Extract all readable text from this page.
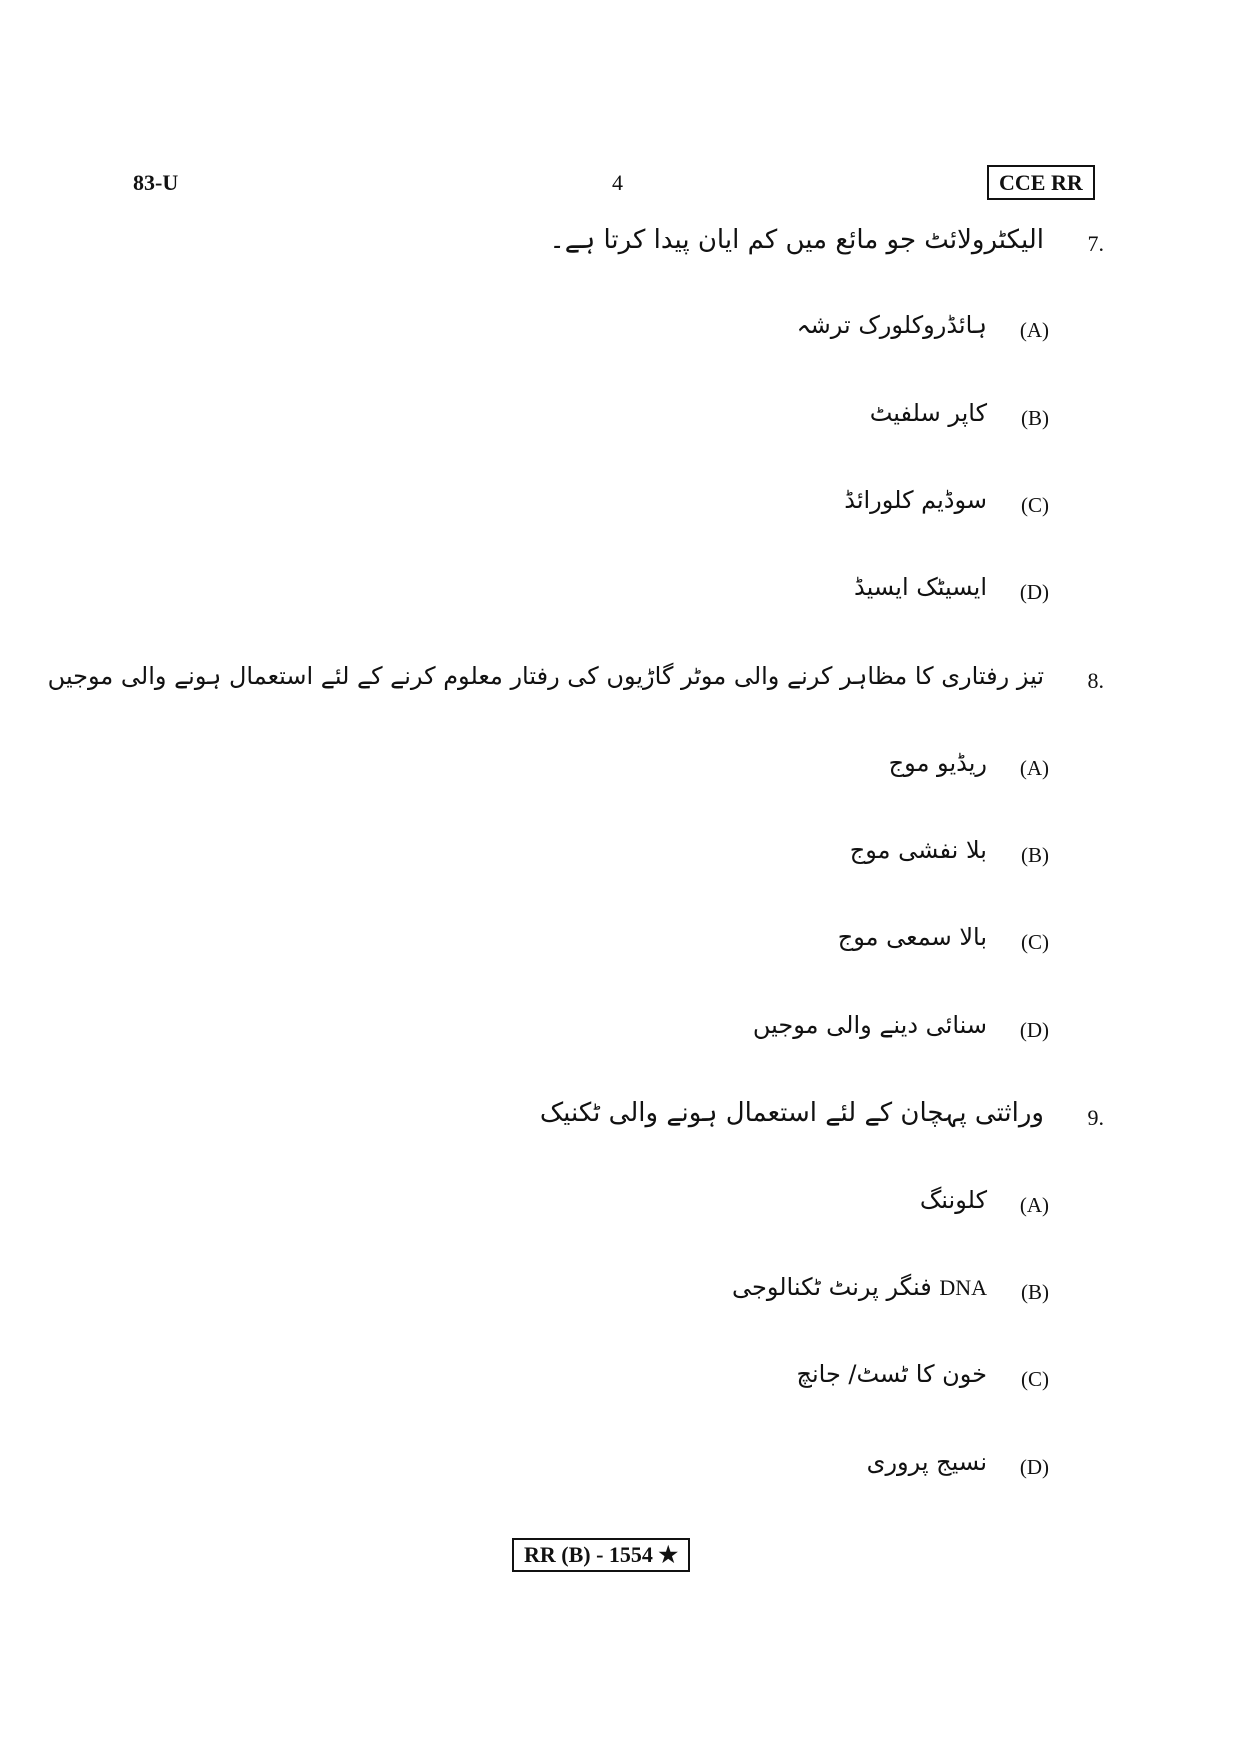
83-U	4	CCE RR
7.
الیکٹرولائٹ جو مائع میں کم ایان پیدا کرتا ہے۔
(A)
ہائڈروکلورک ترشہ
(B)
کاپر سلفیٹ
(C)
سوڈیم کلورائڈ
(D)
ایسیٹک ایسیڈ
8.
تیز رفتاری کا مظاہر کرنے والی موٹر گاڑیوں کی رفتار معلوم کرنے کے لئے استعمال ہونے والی موجیں
(A)
ریڈیو موج
(B)
بلا نفشی موج
(C)
بالا سمعی موج
(D)
سنائی دینے والی موجیں
9.
وراثتی پہچان کے لئے استعمال ہونے والی ٹکنیک
(A)
کلوننگ
(B)
DNA فنگر پرنٹ ٹکنالوجی
(C)
خون کا ٹسٹ/ جانچ
(D)
نسیج پروری
RR (B) - 1554 ★
